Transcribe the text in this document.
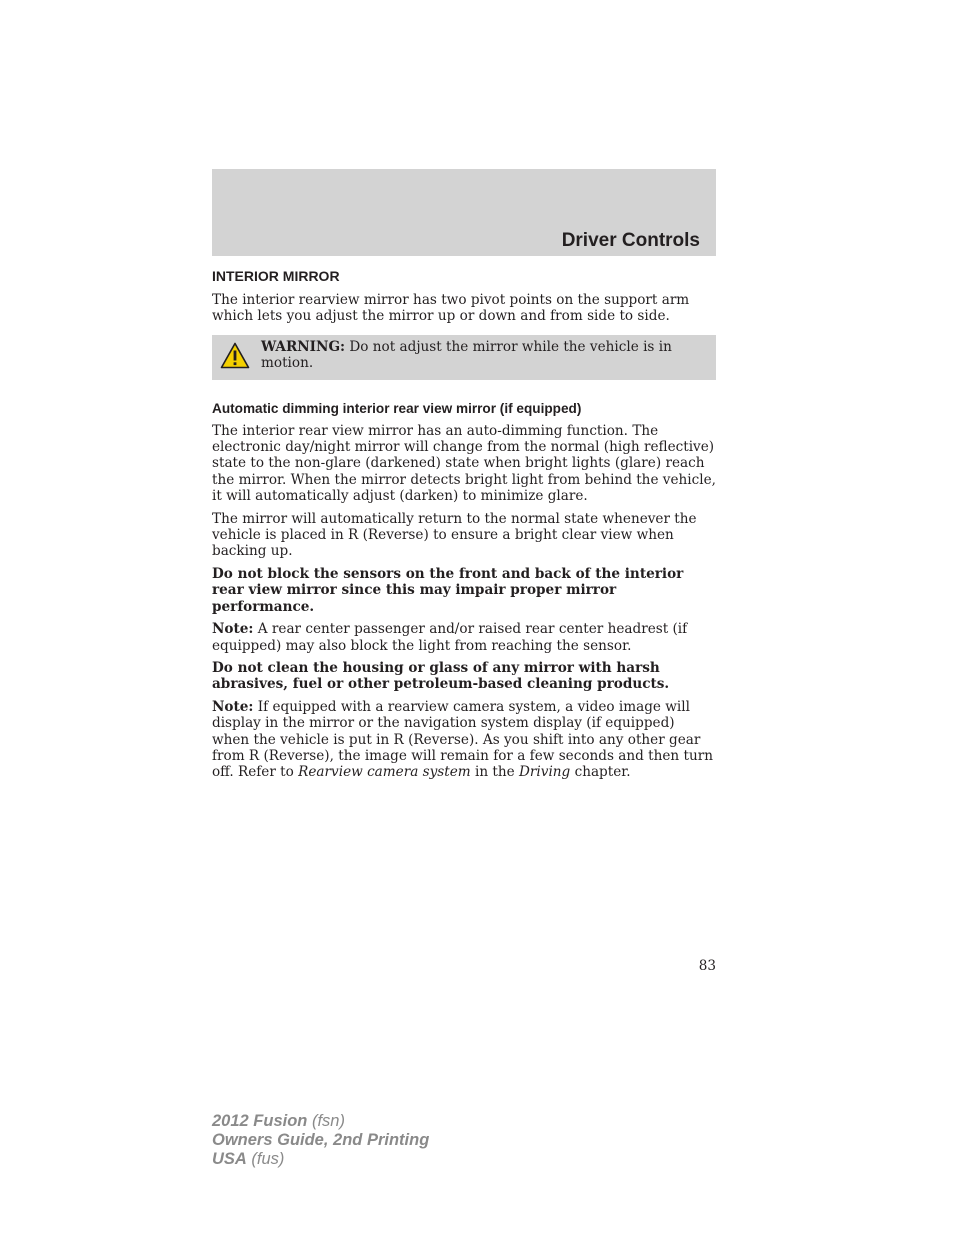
Driver Controls
INTERIOR MIRROR

The interior rearview mirror has two pivot points on the support arm which lets you adjust the mirror up or down and from side to side.

WARNING: Do not adjust the mirror while the vehicle is in motion.

Automatic dimming interior rear view mirror (if equipped)

The interior rear view mirror has an auto-dimming function. The electronic day/night mirror will change from the normal (high reflective) state to the non-glare (darkened) state when bright lights (glare) reach the mirror. When the mirror detects bright light from behind the vehicle, it will automatically adjust (darken) to minimize glare.

The mirror will automatically return to the normal state whenever the vehicle is placed in R (Reverse) to ensure a bright clear view when backing up.

Do not block the sensors on the front and back of the interior rear view mirror since this may impair proper mirror performance.

Note: A rear center passenger and/or raised rear center headrest (if equipped) may also block the light from reaching the sensor.

Do not clean the housing or glass of any mirror with harsh abrasives, fuel or other petroleum-based cleaning products.

Note: If equipped with a rearview camera system, a video image will display in the mirror or the navigation system display (if equipped) when the vehicle is put in R (Reverse). As you shift into any other gear from R (Reverse), the image will remain for a few seconds and then turn off. Refer to Rearview camera system in the Driving chapter.

83
2012 Fusion (fsn)
Owners Guide, 2nd Printing
USA (fus)
